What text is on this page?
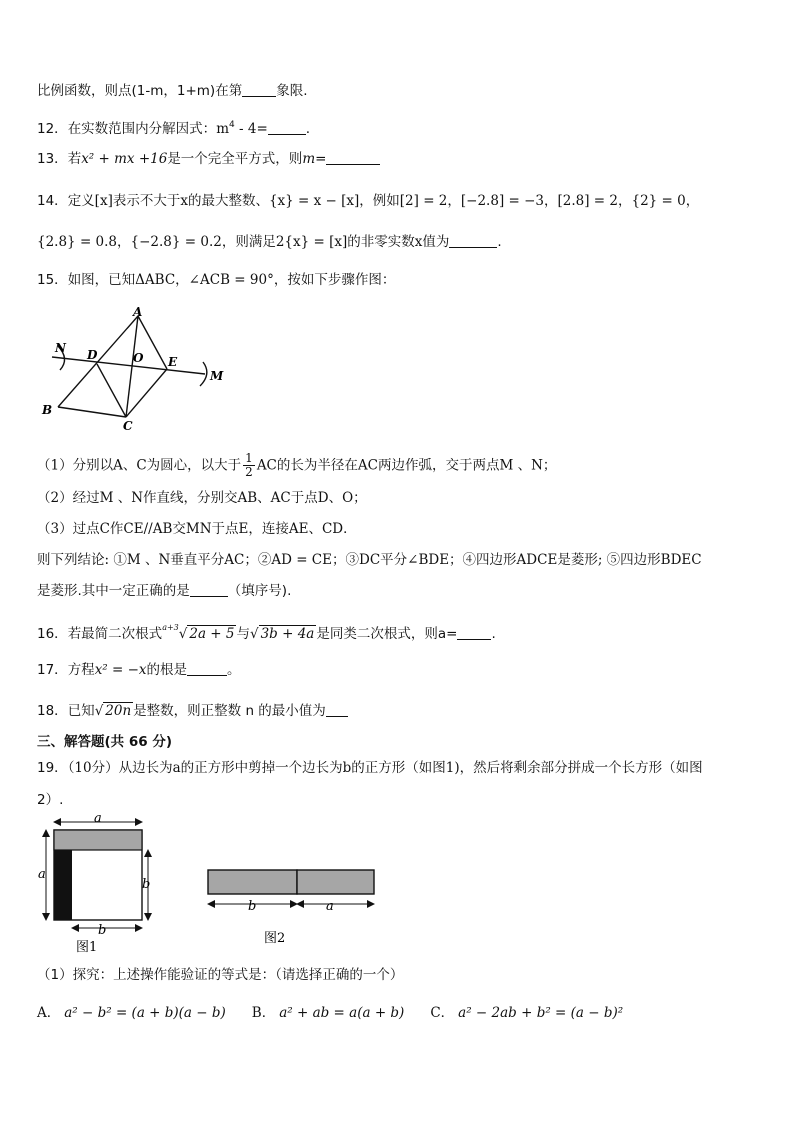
比例函数，则点(1-m，1+m)在第	象限.
12．在实数范围内分解因式：$m^4 - 4=$	.
13．若x² + mx +16是一个完全平方式，则m=
14．定义[x]表示不大于x的最大整数、{x} = x − [x]，例如[2] = 2，[−2.8] = −3，[2.8] = 2，{2} = 0，
{2.8} = 0.8，{−2.8} = 0.2，则满足2{x} = [x]的非零实数x值为	.
15．如图，已知ΔABC，∠ACB = 90°，按如下步骤作图：
A
B
C
D	E
O
N
M
（1）分别以A、C为圆心，以大于 $\frac{1}{2}$ AC的长为半径在AC两边作弧，交于两点M 、N；
（2）经过M 、N作直线，分别交AB、AC于点D、O；
（3）过点C作CE//AB交MN于点E，连接AE、CD．
则下列结论: ①M 、N垂直平分AC；②AD = CE；③DC平分∠BDE；④四边形ADCE是菱形; ⑤四边形BDEC
是菱形.其中一定正确的是	（填序号).
16．若最简二次根式$^{a+3}$√ 2a + 5 与√ 3b + 4a 是同类二次根式，则a=	.
17．方程x² = −x的根是	。
18．已知√ 20n 是整数，则正整数 n 的最小值为
三、解答题(共 66 分)
19．（10分）从边长为a的正方形中剪掉一个边长为b的正方形（如图1)，然后将剩余部分拼成一个长方形（如图
2）.
a
a
b
b
图1
b	a
图2
（1）探究：上述操作能验证的等式是：（请选择正确的一个）
A． a² − b² = (a + b)(a − b) B． a² + ab = a(a + b) C． a² − 2ab + b² = (a − b)²
